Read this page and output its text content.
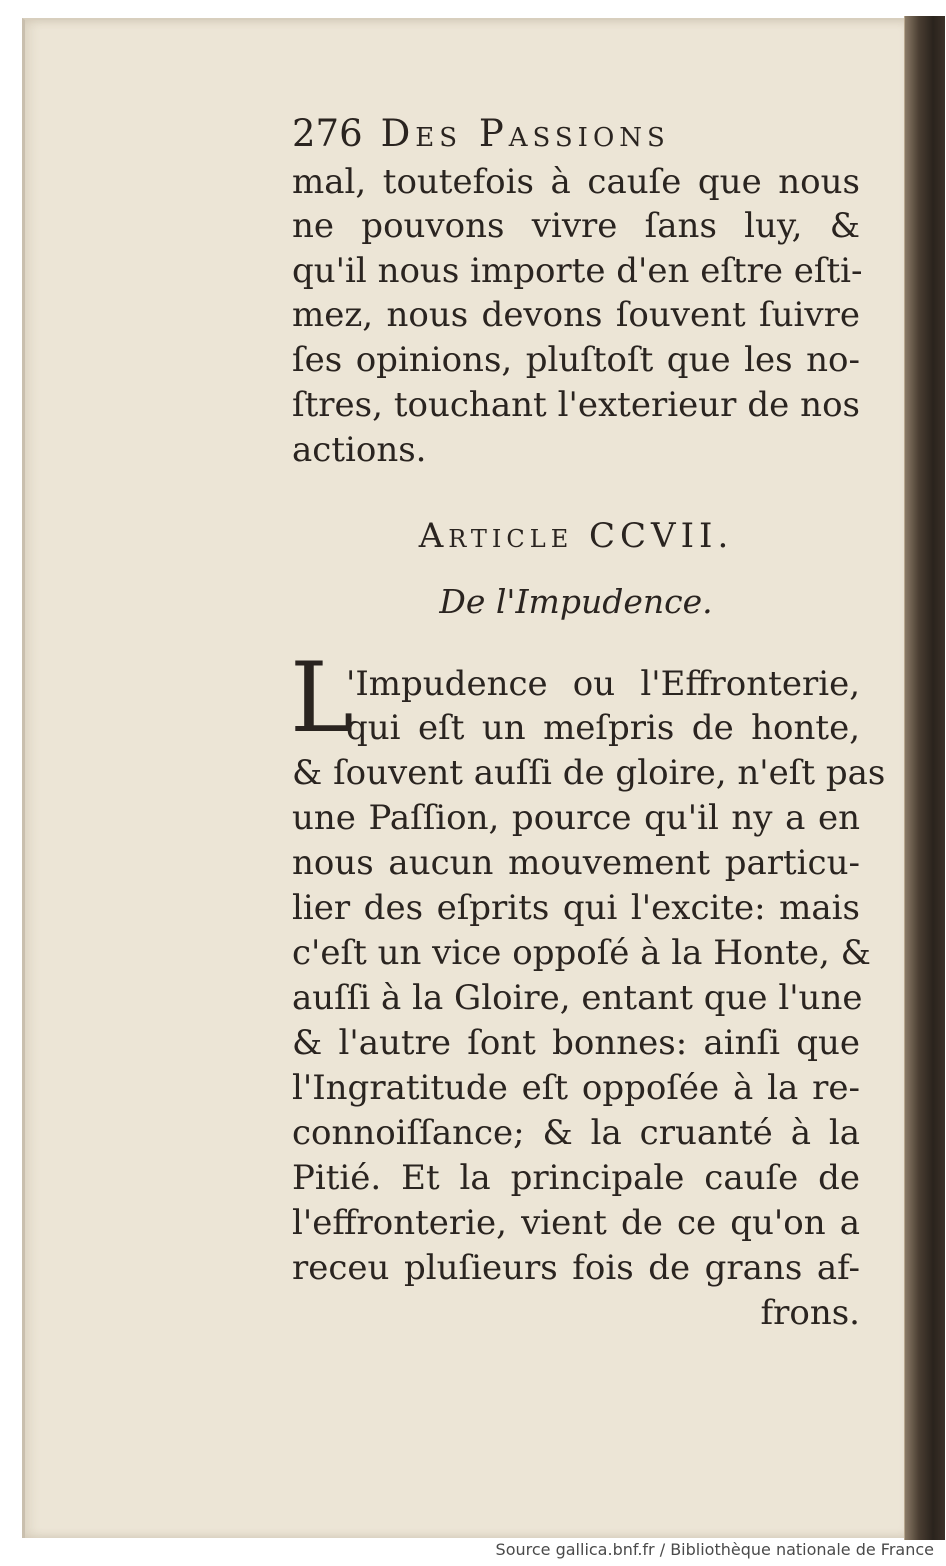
276 Des Passions
mal, toutefois à cauſe que nous
ne pouvons vivre ſans luy, &
qu'il nous importe d'en eſtre eſti-
mez, nous devons ſouvent ſuivre
ſes opinions, pluſtoſt que les no-
ſtres, touchant l'exterieur de nos
actions.
Article CCVII.
De l'Impudence.
L
'Impudence ou l'Effronterie,
qui eſt un meſpris de honte,
& ſouvent auſſi de gloire, n'eſt pas
une Paſſion, pource qu'il ny a en
nous aucun mouvement particu-
lier des eſprits qui l'excite: mais
c'eſt un vice oppoſé à la Honte, &
auſſi à la Gloire, entant que l'une
& l'autre ſont bonnes: ainſi que
l'Ingratitude eſt oppoſée à la re-
connoiſſance; & la cruanté à la
Pitié. Et la principale cauſe de
l'effronterie, vient de ce qu'on a
receu pluſieurs fois de grans af-
frons.
Source gallica.bnf.fr / Bibliothèque nationale de France
